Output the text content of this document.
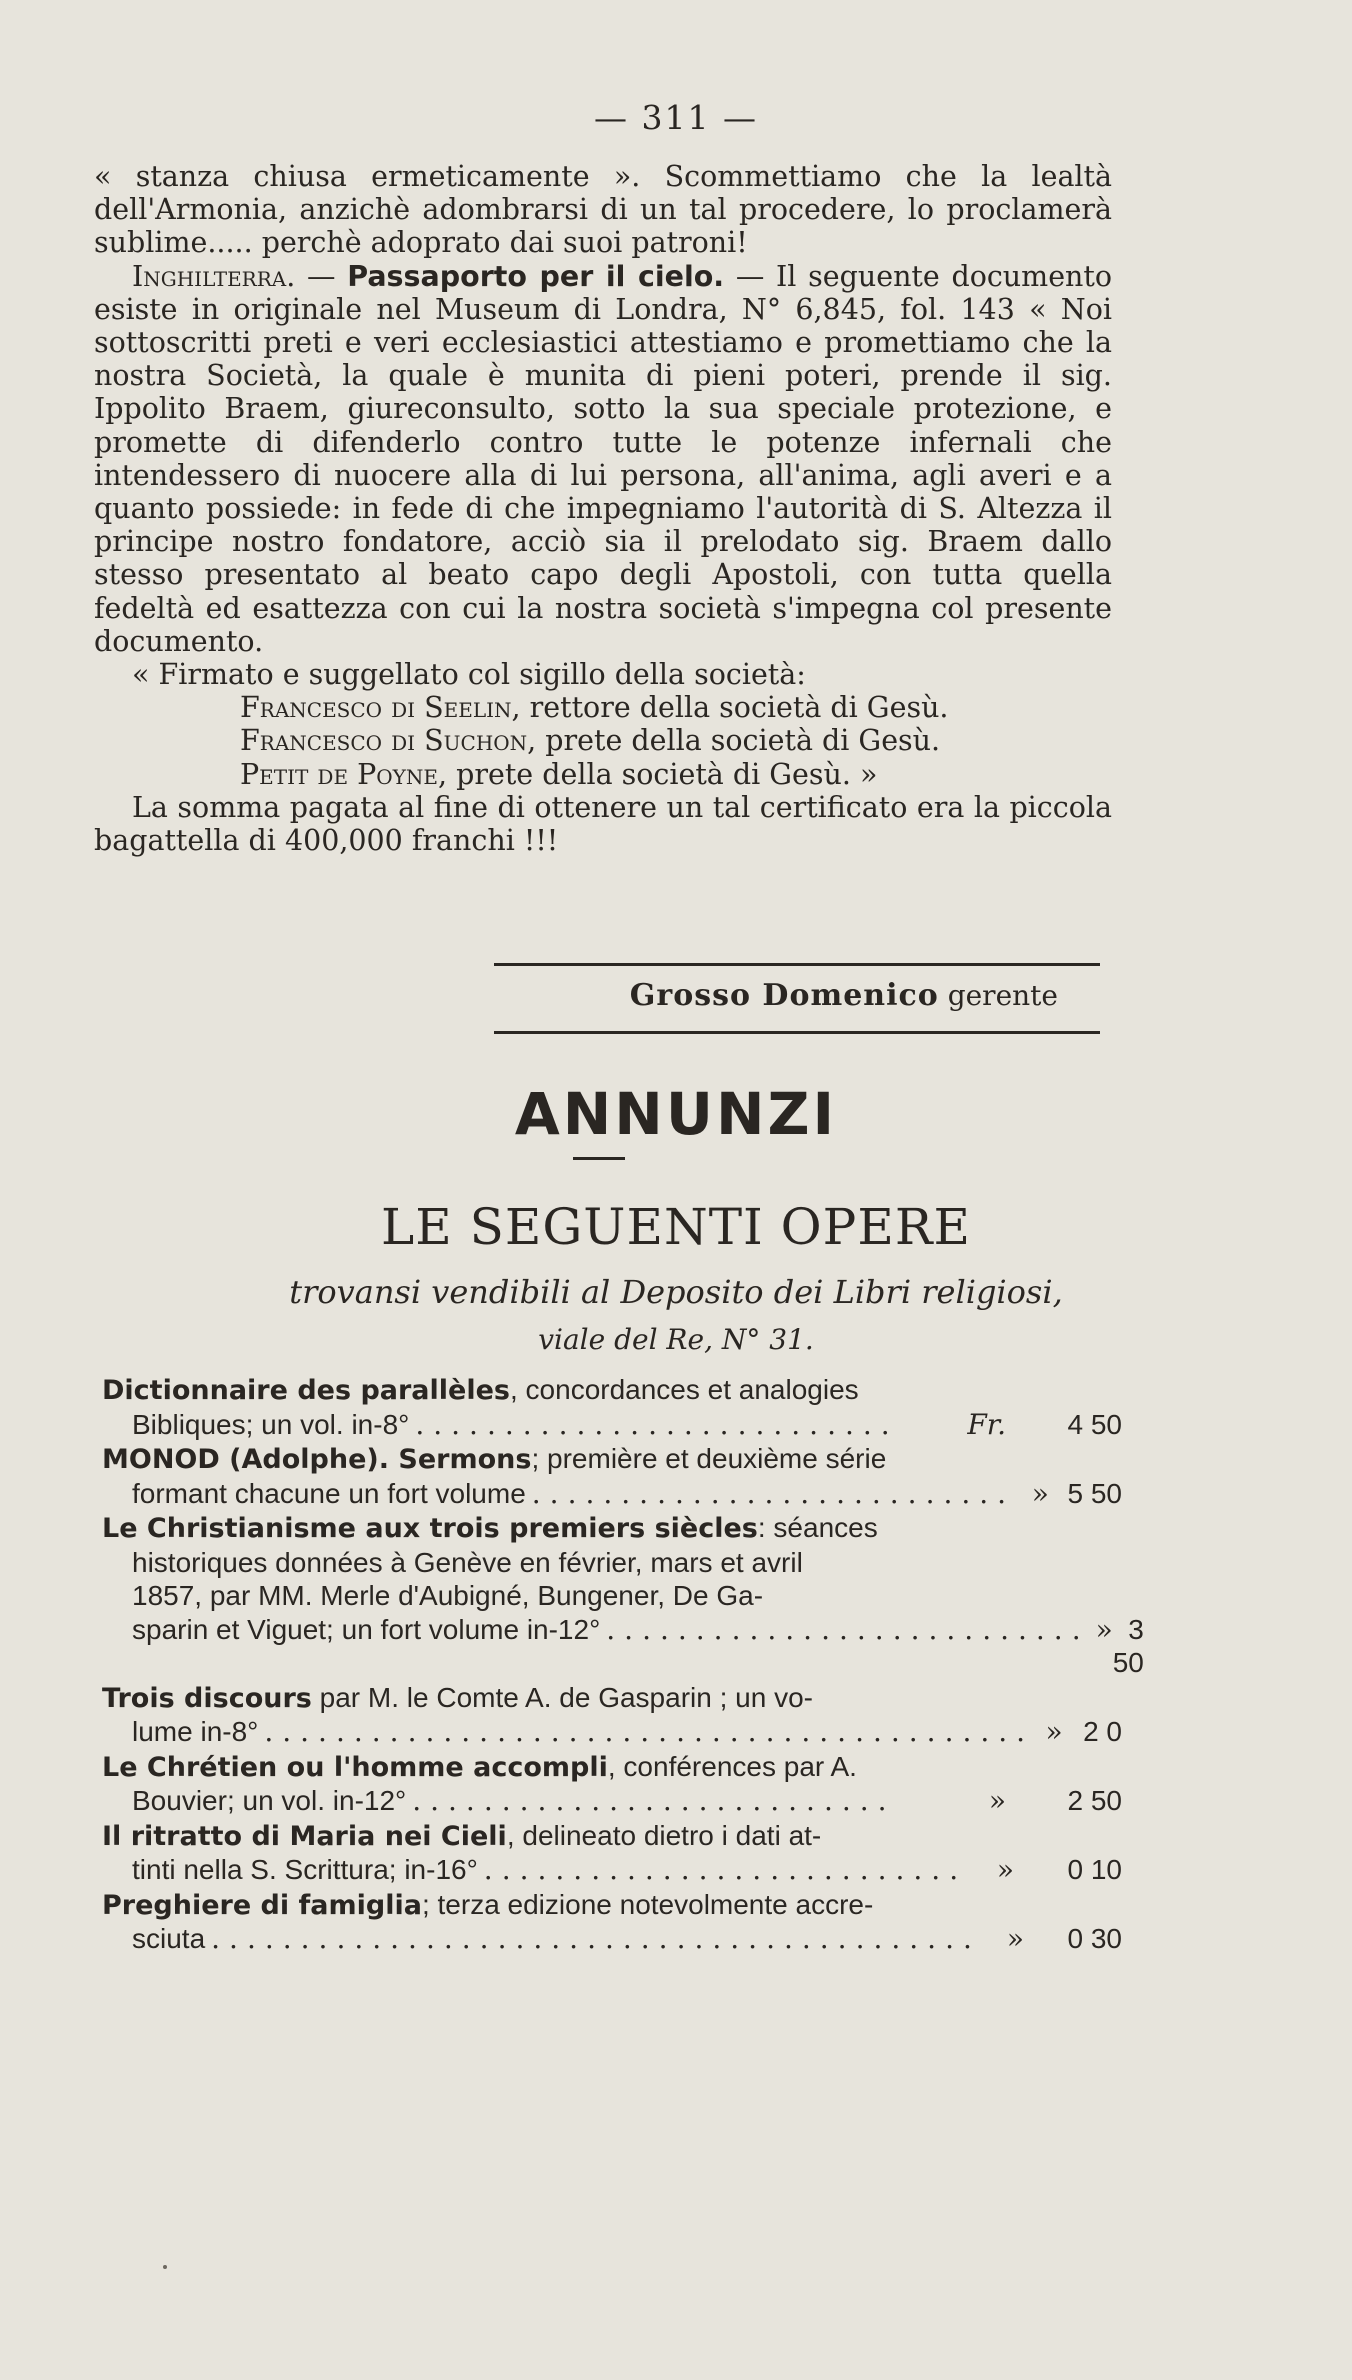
— 311 —
« stanza chiusa ermeticamente ». Scommettiamo che la lealtà dell'Armonia, anzichè adombrarsi di un tal procedere, lo proclamerà sublime..... perchè adoprato dai suoi patroni!
Inghilterra. — Passaporto per il cielo. — Il seguente documento esiste in originale nel Museum di Londra, N° 6,845, fol. 143 « Noi sottoscritti preti e veri ecclesiastici attestiamo e promettiamo che la nostra Società, la quale è munita di pieni poteri, prende il sig. Ippolito Braem, giureconsulto, sotto la sua speciale protezione, e promette di difenderlo contro tutte le potenze infernali che intendessero di nuocere alla di lui persona, all'anima, agli averi e a quanto possiede: in fede di che impegniamo l'autorità di S. Altezza il principe nostro fondatore, acciò sia il prelodato sig. Braem dallo stesso presentato al beato capo degli Apostoli, con tutta quella fedeltà ed esattezza con cui la nostra società s'impegna col presente documento.
« Firmato e suggellato col sigillo della società:
Francesco di Seelin, rettore della società di Gesù.
Francesco di Suchon, prete della società di Gesù.
Petit de Poyne, prete della società di Gesù. »
La somma pagata al fine di ottenere un tal certificato era la piccola bagattella di 400,000 franchi !!!
Grosso Domenico gerente
ANNUNZI
LE SEGUENTI OPERE
trovansi vendibili al Deposito dei Libri religiosi,
viale del Re, N° 31.
Dictionnaire des parallèles, concordances et analogies
Bibliques; un vol. in-8° ...........................	Fr.	4 50
MONOD (Adolphe). Sermons; première et deuxième série
formant chacune un fort volume ........................... » 5 50
Le Christianisme aux trois premiers siècles: séances
historiques données à Genève en février, mars et avril
1857, par MM. Merle d'Aubigné, Bungener, De Ga-
sparin et Viguet; un fort volume in-12° ........................... » 3 50
Trois discours par M. le Comte A. de Gasparin ; un vo-
lume in-8° ........................................... » 2 0
Le Chrétien ou l'homme accompli, conférences par A.
Bouvier; un vol. in-12° ...........................	»	2 50
Il ritratto di Maria nei Cieli, delineato dietro i dati at-
tinti nella S. Scrittura; in-16° ...........................	»	0 10
Preghiere di famiglia; terza edizione notevolmente accre-
sciuta ........................................... »	0 30
